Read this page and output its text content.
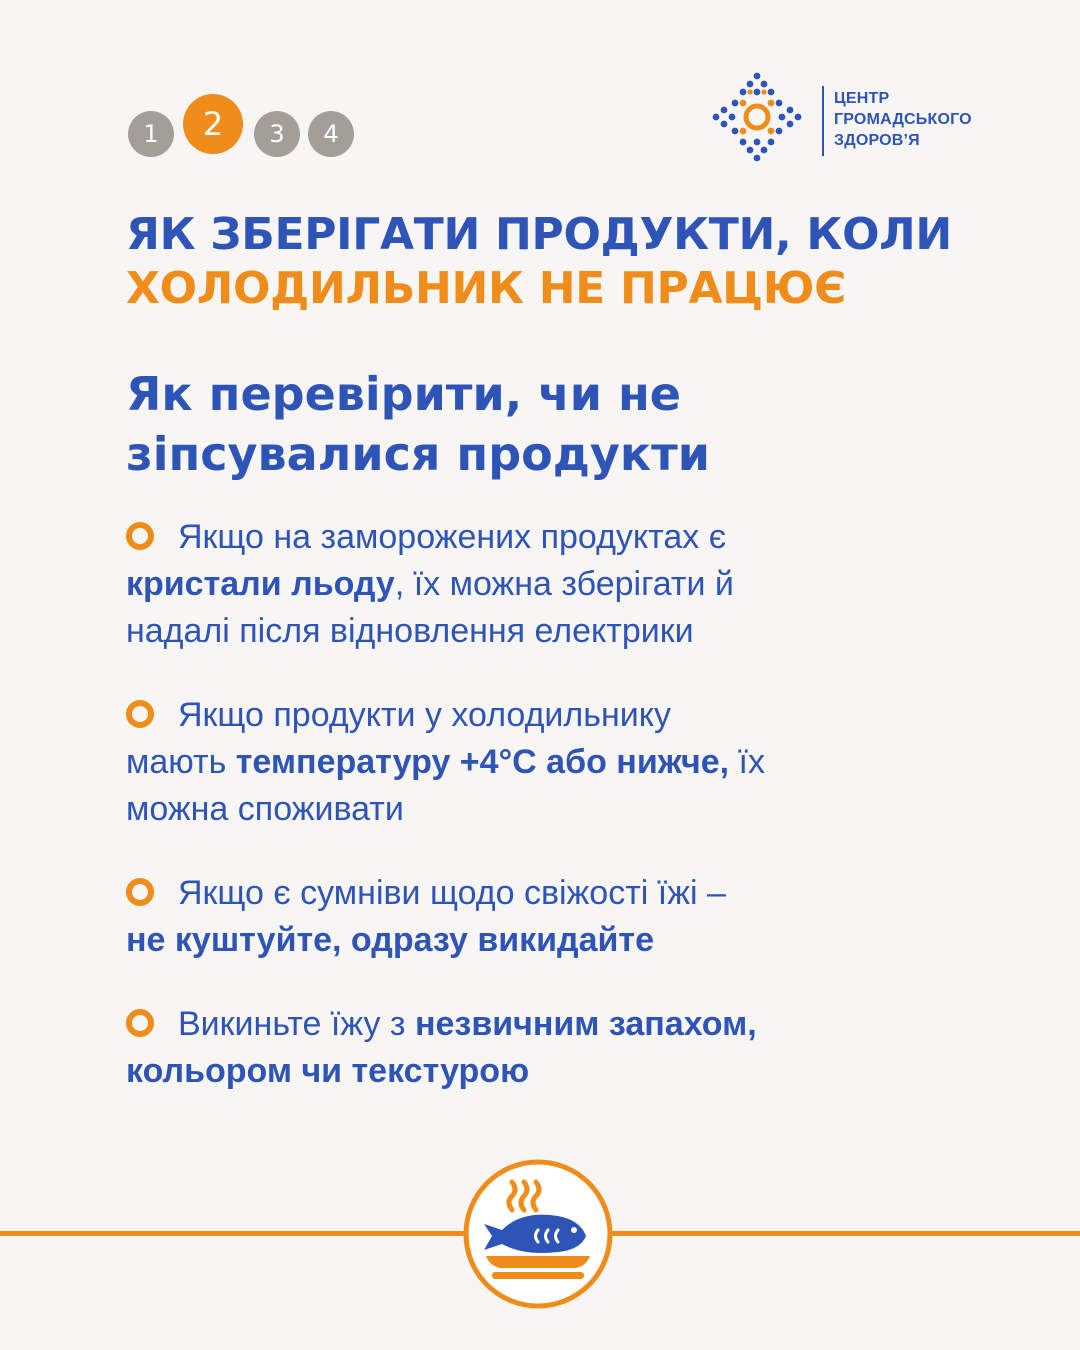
1	2	3	4
ЦЕНТР
ГРОМАДСЬКОГО
ЗДОРОВ’Я
ЯК ЗБЕРІГАТИ ПРОДУКТИ, КОЛИ
ХОЛОДИЛЬНИК НЕ ПРАЦЮЄ
Як перевірити, чи не
зіпсувалися продукти
Якщо на заморожених продуктах є
кристали льоду, їх можна зберігати й
надалі після відновлення електрики
Якщо продукти у холодильнику
мають температуру +4°C або нижче, їх
можна споживати
Якщо є сумніви щодо свіжості їжі –
не куштуйте, одразу викидайте
Викиньте їжу з незвичним запахом,
кольором чи текстурою
